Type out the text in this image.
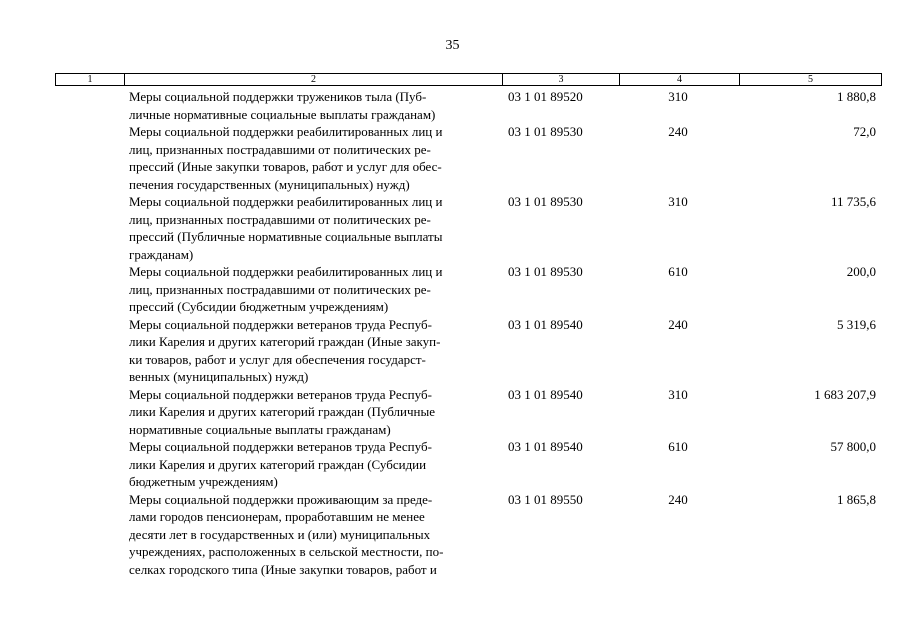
35
1	2	3	4	5
Меры социальной поддержки тружеников тыла (Пуб-
личные нормативные социальные выплаты гражданам)
03 1 01 89520	310	1 880,8
Меры социальной поддержки реабилитированных лиц и
лиц, признанных пострадавшими от политических ре-
прессий (Иные закупки товаров, работ и услуг для обес-
печения государственных (муниципальных) нужд)
03 1 01 89530	240	72,0
Меры социальной поддержки реабилитированных лиц и
лиц, признанных пострадавшими от политических ре-
прессий (Публичные нормативные социальные выплаты
гражданам)
03 1 01 89530	310	11 735,6
Меры социальной поддержки реабилитированных лиц и
лиц, признанных пострадавшими от политических ре-
прессий (Субсидии бюджетным учреждениям)
03 1 01 89530	610	200,0
Меры социальной поддержки ветеранов труда Респуб-
лики Карелия и других категорий граждан (Иные закуп-
ки товаров, работ и услуг для обеспечения государст-
венных (муниципальных) нужд)
03 1 01 89540	240	5 319,6
Меры социальной поддержки ветеранов труда Респуб-
лики Карелия и других категорий граждан (Публичные
нормативные социальные выплаты гражданам)
03 1 01 89540	310	1 683 207,9
Меры социальной поддержки ветеранов труда Респуб-
лики Карелия и других категорий граждан (Субсидии
бюджетным учреждениям)
03 1 01 89540	610	57 800,0
Меры социальной поддержки проживающим за преде-
лами городов пенсионерам, проработавшим не менее
десяти лет в государственных и (или) муниципальных
учреждениях, расположенных в сельской местности, по-
селках городского типа (Иные закупки товаров, работ и
03 1 01 89550	240	1 865,8
